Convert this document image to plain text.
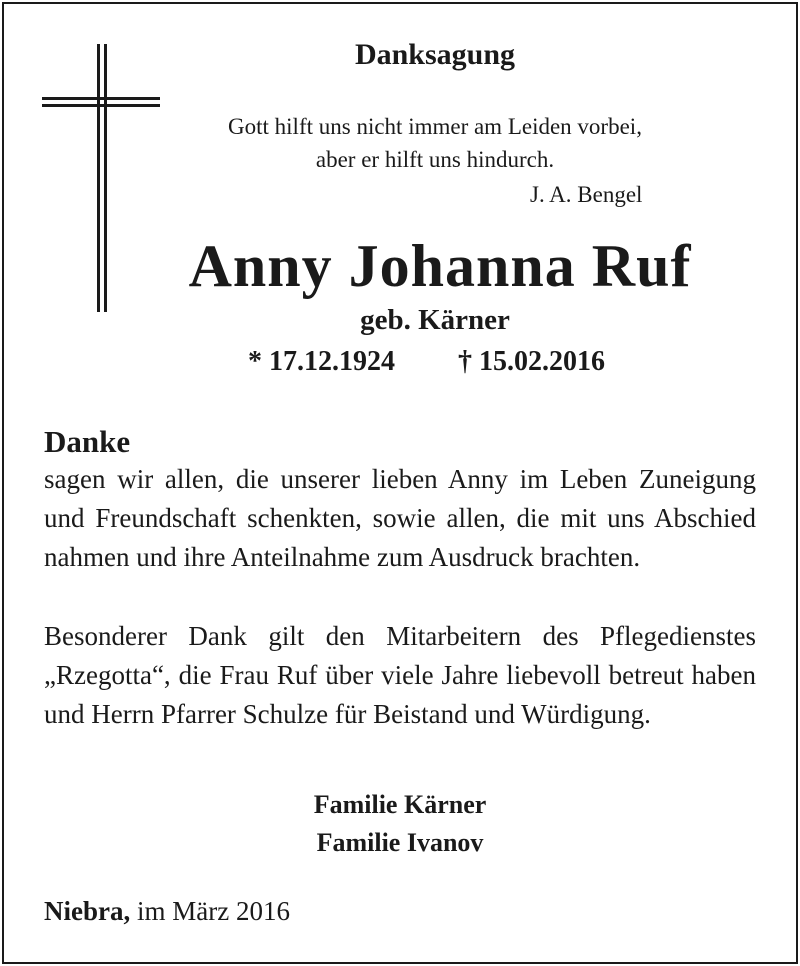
Danksagung
Gott hilft uns nicht immer am Leiden vorbei,
aber er hilft uns hindurch.
J. A. Bengel
Anny Johanna Ruf
geb. Kärner
* 17.12.1924 † 15.02.2016
Danke
sagen wir allen, die unserer lieben Anny im Leben Zuneigung und Freundschaft schenkten, sowie allen, die mit uns Abschied nahmen und ihre Anteilnahme zum Ausdruck brachten.
Besonderer Dank gilt den Mitarbeitern des Pflegedienstes „Rzegotta“, die Frau Ruf über viele Jahre liebevoll betreut haben und Herrn Pfarrer Schulze für Beistand und Würdigung.
Familie Kärner
Familie Ivanov
Niebra, im März 2016
